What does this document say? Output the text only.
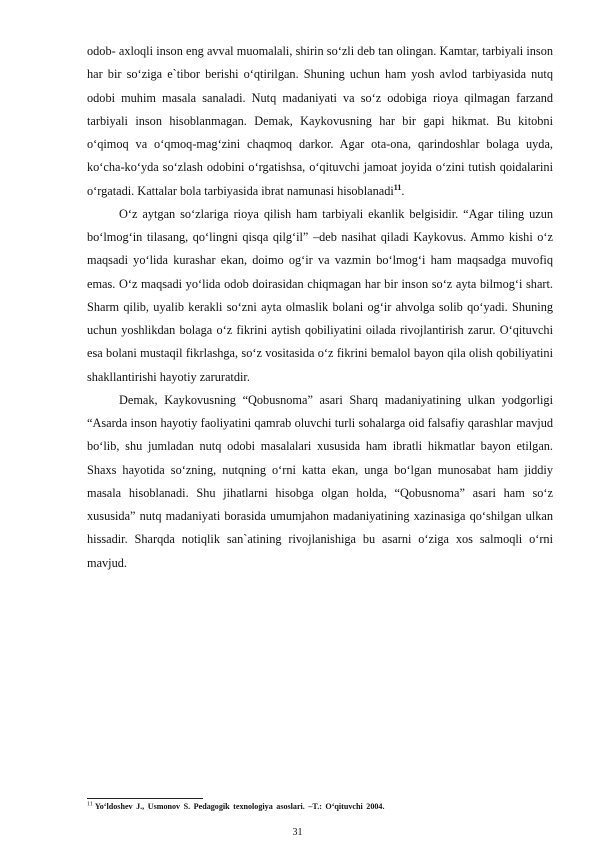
odob- axloqli inson eng avval muomalali, shirin so‘zli deb tan olingan. Kamtar, tarbiyali inson har bir so‘ziga e`tibor berishi o‘qtirilgan. Shuning uchun ham yosh avlod tarbiyasida nutq odobi muhim masala sanaladi. Nutq madaniyati va so‘z odobiga rioya qilmagan farzand tarbiyali inson hisoblanmagan. Demak, Kaykovusning har bir gapi hikmat. Bu kitobni o‘qimoq va o‘qmoq-mag‘zini chaqmoq darkor. Agar ota-ona, qarindoshlar bolaga uyda, ko‘cha-ko‘yda so‘zlash odobini o‘rgatishsa, o‘qituvchi jamoat joyida o‘zini tutish qoidalarini o‘rgatadi. Kattalar bola tarbiyasida ibrat namunasi hisoblanadi$^{11}$.

O‘z aytgan so‘zlariga rioya qilish ham tarbiyali ekanlik belgisidir. “Agar tiling uzun bo‘lmog‘in tilasang, qo‘lingni qisqa qilg‘il” –deb nasihat qiladi Kaykovus. Ammo kishi o‘z maqsadi yo‘lida kurashar ekan, doimo og‘ir va vazmin bo‘lmog‘i ham maqsadga muvofiq emas. O‘z maqsadi yo‘lida odob doirasidan chiqmagan har bir inson so‘z ayta bilmog‘i shart. Sharm qilib, uyalib kerakli so‘zni ayta olmaslik bolani og‘ir ahvolga solib qo‘yadi. Shuning uchun yoshlikdan bolaga o‘z fikrini aytish qobiliyatini oilada rivojlantirish zarur. O‘qituvchi esa bolani mustaqil fikrlashga, so‘z vositasida o‘z fikrini bemalol bayon qila olish qobiliyatini shakllantirishi hayotiy zaruratdir.

Demak, Kaykovusning “Qobusnoma” asari Sharq madaniyatining ulkan yodgorligi “Asarda inson hayotiy faoliyatini qamrab oluvchi turli sohalarga oid falsafiy qarashlar mavjud bo‘lib, shu jumladan nutq odobi masalalari xususida ham ibratli hikmatlar bayon etilgan. Shaxs hayotida so‘zning, nutqning o‘rni katta ekan, unga bo‘lgan munosabat ham jiddiy masala hisoblanadi. Shu jihatlarni hisobga olgan holda, “Qobusnoma” asari ham so‘z xususida” nutq madaniyati borasida umumjahon madaniyatining xazinasiga qo‘shilgan ulkan hissadir. Sharqda notiqlik san`atining rivojlanishiga bu asarni o‘ziga xos salmoqli o‘rni mavjud.

$^{11}$ Yo‘ldoshev J., Usmonov S. Pedagogik texnologiya asoslari. –T.: O‘qituvchi 2004.
31
